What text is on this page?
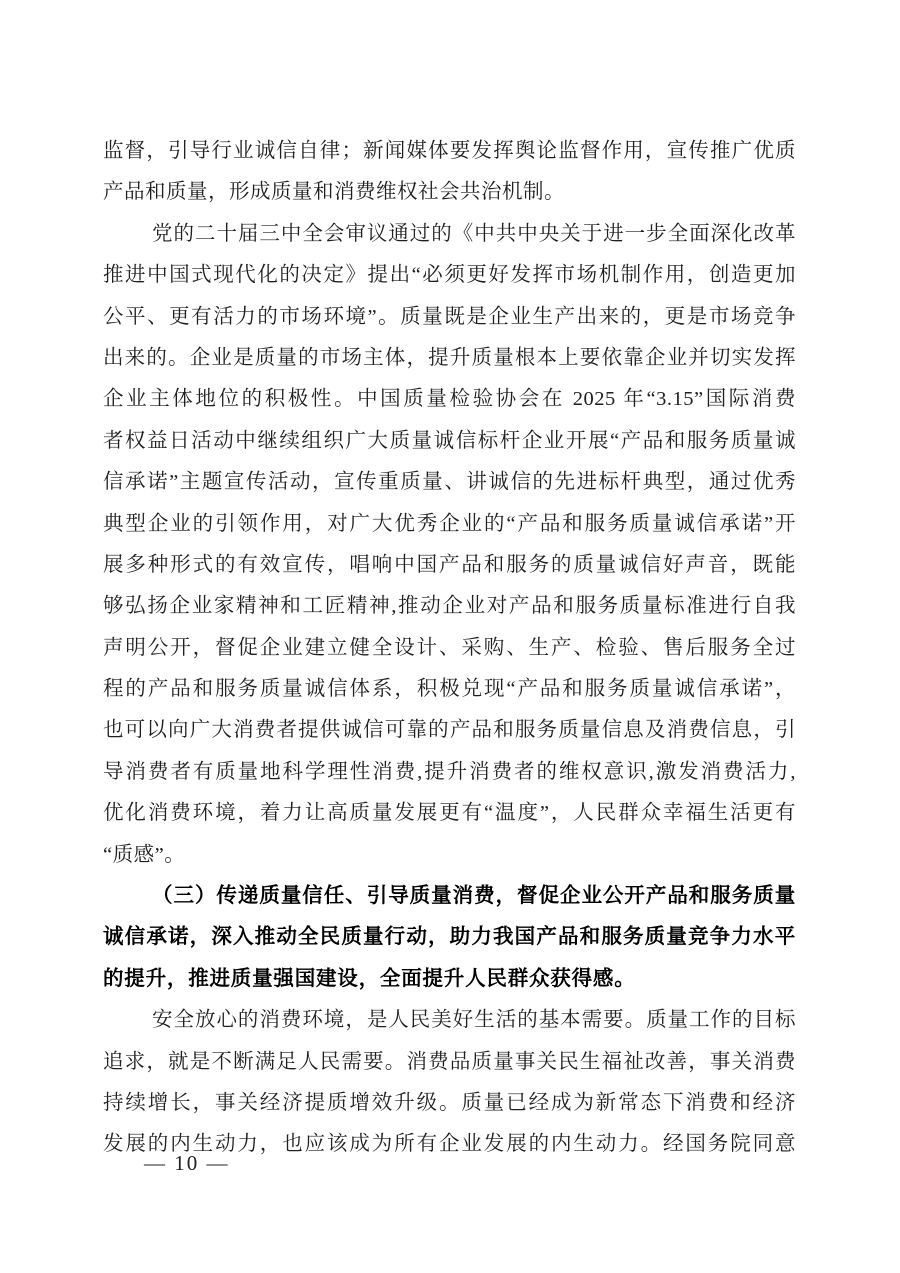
监督，引导行业诚信自律；新闻媒体要发挥舆论监督作用，宣传推广优质
产品和质量，形成质量和消费维权社会共治机制。
党的二十届三中全会审议通过的《中共中央关于进一步全面深化改革
推进中国式现代化的决定》提出“必须更好发挥市场机制作用，创造更加
公平、更有活力的市场环境”。质量既是企业生产出来的，更是市场竞争
出来的。企业是质量的市场主体，提升质量根本上要依靠企业并切实发挥
企业主体地位的积极性。中国质量检验协会在 2025 年“3.15”国际消费
者权益日活动中继续组织广大质量诚信标杆企业开展“产品和服务质量诚
信承诺”主题宣传活动，宣传重质量、讲诚信的先进标杆典型，通过优秀
典型企业的引领作用，对广大优秀企业的“产品和服务质量诚信承诺”开
展多种形式的有效宣传，唱响中国产品和服务的质量诚信好声音，既能
够弘扬企业家精神和工匠精神,推动企业对产品和服务质量标准进行自我
声明公开，督促企业建立健全设计、采购、生产、检验、售后服务全过
程的产品和服务质量诚信体系，积极兑现“产品和服务质量诚信承诺”，
也可以向广大消费者提供诚信可靠的产品和服务质量信息及消费信息，引
导消费者有质量地科学理性消费,提升消费者的维权意识,激发消费活力,
优化消费环境，着力让高质量发展更有“温度”，人民群众幸福生活更有
“质感”。
（三）传递质量信任、引导质量消费，督促企业公开产品和服务质量
诚信承诺，深入推动全民质量行动，助力我国产品和服务质量竞争力水平
的提升，推进质量强国建设，全面提升人民群众获得感。
安全放心的消费环境，是人民美好生活的基本需要。质量工作的目标
追求，就是不断满足人民需要。消费品质量事关民生福祉改善，事关消费
持续增长，事关经济提质增效升级。质量已经成为新常态下消费和经济
发展的内生动力，也应该成为所有企业发展的内生动力。经国务院同意
— 10 —
